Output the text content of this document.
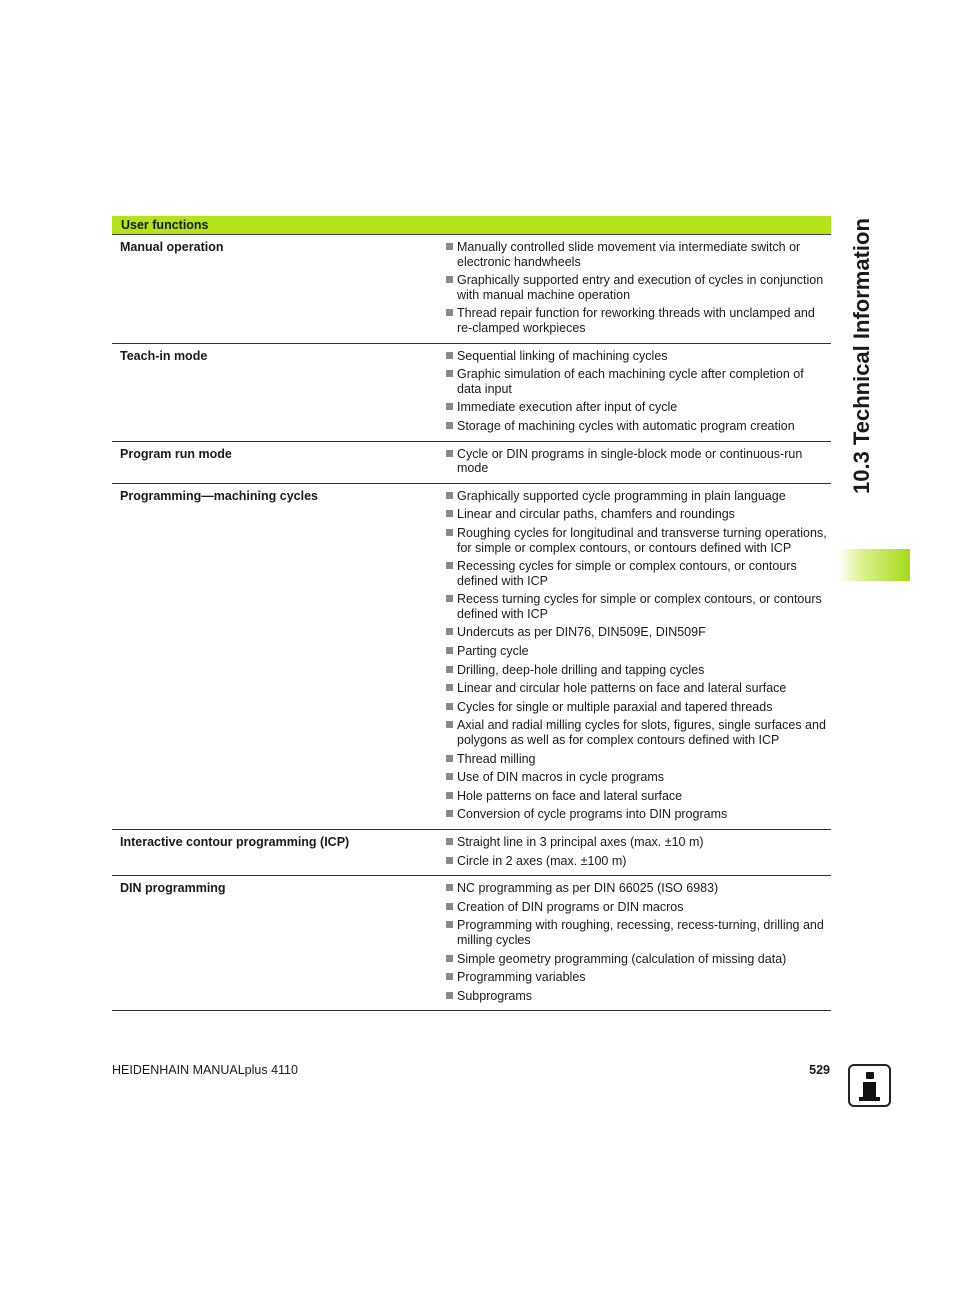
User functions
Manual operation	Manually controlled slide movement via intermediate switch or electronic handwheels
Graphically supported entry and execution of cycles in conjunction with manual machine operation
Thread repair function for reworking threads with unclamped and re-clamped workpieces
Teach-in mode	Sequential linking of machining cycles
Graphic simulation of each machining cycle after completion of data input
Immediate execution after input of cycle
Storage of machining cycles with automatic program creation
Program run mode	Cycle or DIN programs in single-block mode or continuous-run mode
Programming—machining cycles	Graphically supported cycle programming in plain language
Linear and circular paths, chamfers and roundings
Roughing cycles for longitudinal and transverse turning operations, for simple or complex contours, or contours defined with ICP
Recessing cycles for simple or complex contours, or contours defined with ICP
Recess turning cycles for simple or complex contours, or contours defined with ICP
Undercuts as per DIN76, DIN509E, DIN509F
Parting cycle
Drilling, deep-hole drilling and tapping cycles
Linear and circular hole patterns on face and lateral surface
Cycles for single or multiple paraxial and tapered threads
Axial and radial milling cycles for slots, figures, single surfaces and polygons as well as for complex contours defined with ICP
Thread milling
Use of DIN macros in cycle programs
Hole patterns on face and lateral surface
Conversion of cycle programs into DIN programs
Interactive contour programming (ICP)	Straight line in 3 principal axes (max. ±10 m)
Circle in 2 axes (max. ±100 m)
DIN programming	NC programming as per DIN 66025 (ISO 6983)
Creation of DIN programs or DIN macros
Programming with roughing, recessing, recess-turning, drilling and milling cycles
Simple geometry programming (calculation of missing data)
Programming variables
Subprograms
10.3 Technical Information
HEIDENHAIN MANUALplus 4110	529
